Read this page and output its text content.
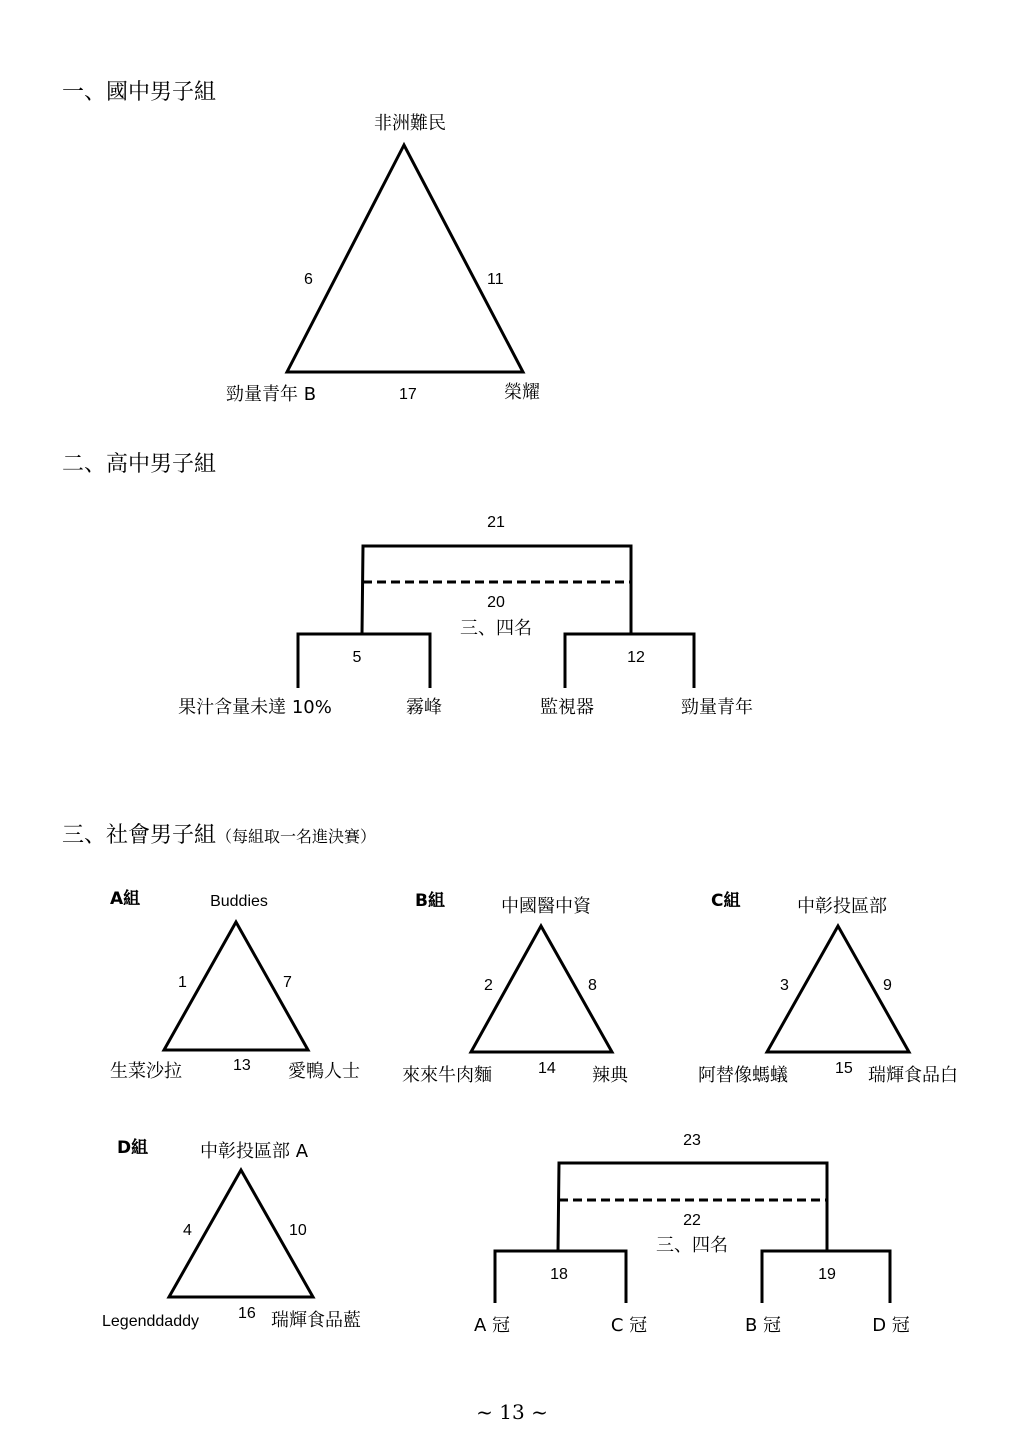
一、國中男子組
非洲難民
6	11
勁量青年 B	17	榮耀
二、高中男子組
21
20
三、四名
5	12
果汁含量未達 10%	霧峰	監視器	勁量青年
三、社會男子組（每組取一名進決賽）
A組	Buddies
1	7
生菜沙拉	13 愛鴨人士
B組	中國醫中資
2	8
來來牛肉麵	14 辣典
C組	中彰投區部
3	9
阿替像螞蟻	15 瑞輝食品白
D組	中彰投區部 A
4	10
Legenddaddy 16 瑞輝食品藍
23
22
三、四名
18	19
A 冠	C 冠	B 冠	D 冠
~ 13 ~
